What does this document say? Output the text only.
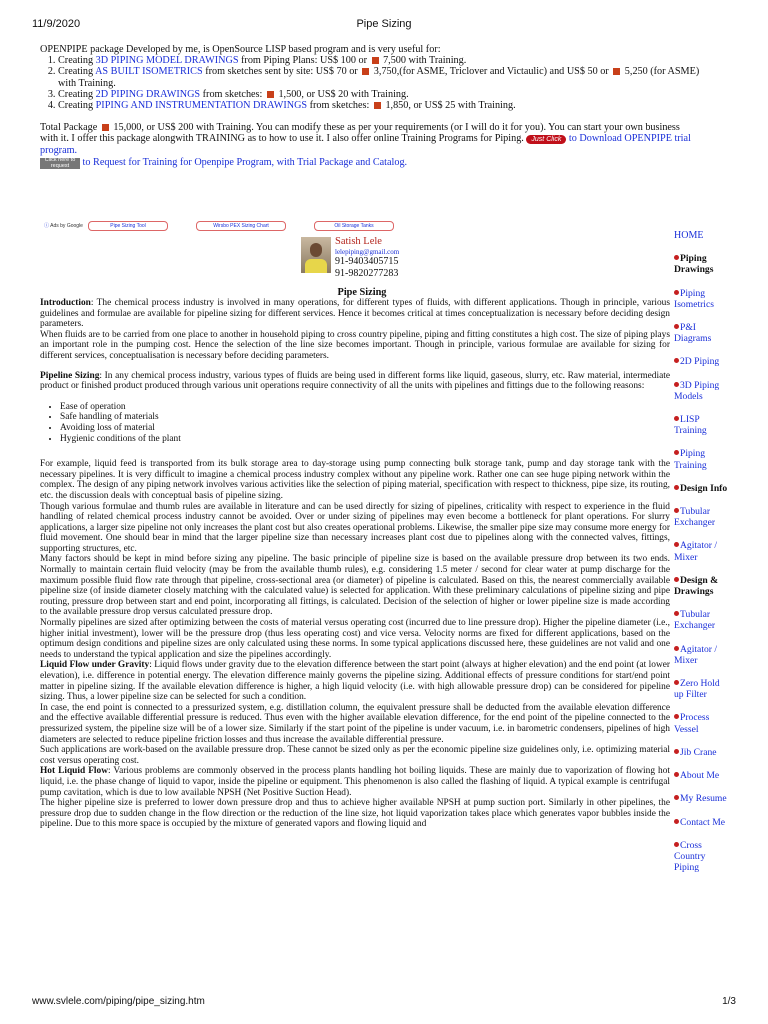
11/9/2020	Pipe Sizing

OPENPIPE package Developed by me, is OpenSource LISP based program and is very useful for:

1. Creating 3D PIPING MODEL DRAWINGS from Piping Plans: US$ 100 or  7,500 with Training.
2. Creating AS BUILT ISOMETRICS from sketches sent by site: US$ 70 or  3,750,(for ASME, Triclover and Victaulic) and US$ 50 or  5,250 (for ASME) with Training.
3. Creating 2D PIPING DRAWINGS from sketches:  1,500, or US$ 20 with Training.
4. Creating PIPING AND INSTRUMENTATION DRAWINGS from sketches:  1,850, or US$ 25 with Training.

Total Package  15,000, or US$ 200 with Training. You can modify these as per your requirements (or I will do it for you). You can start your own business with it. I offer this package alongwith TRAINING as to how to use it. I also offer online Training Programs for Piping. Just Click to Download OPENPIPE trial program.

Click here to request to Request for Training for Openpipe Program, with Trial Package and Catalog.

ⓘ Ads by Google	Pipe Sizing Tool	Wirsbo PEX Sizing Chart	Oil Storage Tanks
Satish Lele
lelepiping@gmail.com
91-9403405715
91-9820277283
Pipe Sizing

Introduction: The chemical process industry is involved in many operations, for different types of fluids, with different applications. Though in principle, various guidelines and formulae are available for pipeline sizing for different services. Hence it becomes critical at times conceptualization is necessary before deciding design parameters.

When fluids are to be carried from one place to another in household piping to cross country pipeline, piping and fitting constitutes a high cost. The size of piping plays an important role in the pumping cost. Hence the selection of the line size becomes important. Though in principle, various formulae are available for sizing for different services, conceptualisation is necessary before deciding parameters.

Pipeline Sizing: In any chemical process industry, various types of fluids are being used in different forms like liquid, gaseous, slurry, etc. Raw material, intermediate product or finished product produced through various unit operations require connectivity of all the units with pipelines and fittings due to the following reasons:

• Ease of operation
• Safe handling of materials
• Avoiding loss of material
• Hygienic conditions of the plant

For example, liquid feed is transported from its bulk storage area to day-storage using pump connecting bulk storage tank, pump and day storage tank with the necessary pipelines. It is very difficult to imagine a chemical process industry complex without any pipeline work. Rather one can see huge piping network within the complex. The design of any piping network involves various activities like the selection of piping material, specification with respect to thickness, pipe size, its routing, etc. the discussion deals with conceptual basis of pipeline sizing.

Though various formulae and thumb rules are available in literature and can be used directly for sizing of pipelines, criticality with respect to experience in the fluid handling of related chemical process industry cannot be avoided. Over or under sizing of pipelines may even become a bottleneck for plant operations. For slurry applications, a larger size pipeline not only increases the plant cost but also creates operational problems. Likewise, the smaller pipe size may consume more energy for fluid movement. One should bear in mind that the larger pipeline size than necessary increases plant cost due to pipelines along with the connected valves, fittings, supporting structures, etc.

Many factors should be kept in mind before sizing any pipeline. The basic principle of pipeline size is based on the available pressure drop between its two ends. Normally to maintain certain fluid velocity (may be from the available thumb rules), e.g. considering 1.5 meter / second for clear water at pump discharge for the maximum possible fluid flow rate through that pipeline, cross-sectional area (or diameter) of pipeline is calculated. Based on this, the nearest commercially available pipeline size (of inside diameter closely matching with the calculated value) is selected for application. With these preliminary calculations of pipeline sizing and pipe routing, pressure drop between start and end point, incorporating all fittings, is calculated. Decision of the selection of higher or lower pipeline size is made according to the available pressure drop versus calculated pressure drop.

Normally pipelines are sized after optimizing between the costs of material versus operating cost (incurred due to line pressure drop). Higher the pipeline diameter (i.e., higher initial investment), lower will be the pressure drop (thus less operating cost) and vice versa. Velocity norms are fixed for different applications, based on the optimum design conditions and pipeline sizes are only calculated using these norms. In some typical applications discussed here, these guidelines are not valid and one needs to understand the typical application and size the pipelines accordingly.

Liquid Flow under Gravity: Liquid flows under gravity due to the elevation difference between the start point (always at higher elevation) and the end point (at lower elevation), i.e. difference in potential energy. The elevation difference mainly governs the pipeline sizing. Additional effects of pressure conditions for start/end point matter in pipeline sizing. If the available elevation difference is higher, a high liquid velocity (i.e. with high allowable pressure drop) can be considered for pipeline sizing. Thus, a lower pipeline size can be selected for such a condition.

In case, the end point is connected to a pressurized system, e.g. distillation column, the equivalent pressure shall be deducted from the available elevation difference and the effective available differential pressure is reduced. Thus even with the higher available elevation difference, for the end point of the pipeline connected to the pressurized system, the pipeline size will be of a lower size. Similarly if the start point of the pipeline is under vacuum, i.e. in barometric condensers, pipelines of high diameters are selected to reduce pipeline friction losses and thus increase the available differential pressure.

Such applications are work-based on the available pressure drop. These cannot be sized only as per the economic pipeline size guidelines only, i.e. optimizing material cost versus operating cost.

Hot Liquid Flow: Various problems are commonly observed in the process plants handling hot boiling liquids. These are mainly due to vaporization of flowing hot liquid, i.e. the phase change of liquid to vapor, inside the pipeline or equipment. This phenomenon is also called the flashing of liquid. A typical example is centrifugal pump cavitation, which is due to low available NPSH (Net Positive Suction Head).

The higher pipeline size is preferred to lower down pressure drop and thus to achieve higher available NPSH at pump suction port. Similarly in other pipelines, the pressure drop due to sudden change in the flow direction or the reduction of the line size, hot liquid vaporization takes place which generates vapor bubbles inside the pipeline. Due to this more space is occupied by the mixture of generated vapors and flowing liquid and

HOME
Piping Drawings
Piping Isometrics
P&I Diagrams
2D Piping
3D Piping Models
LISP Training
Piping Training
Design Info
Tubular Exchanger
Agitator / Mixer
Design & Drawings
Tubular Exchanger
Agitator / Mixer
Zero Hold up Filter
Process Vessel
Jib Crane
About Me
My Resume
Contact Me
Cross Country Piping
www.svlele.com/piping/pipe_sizing.htm	1/3
